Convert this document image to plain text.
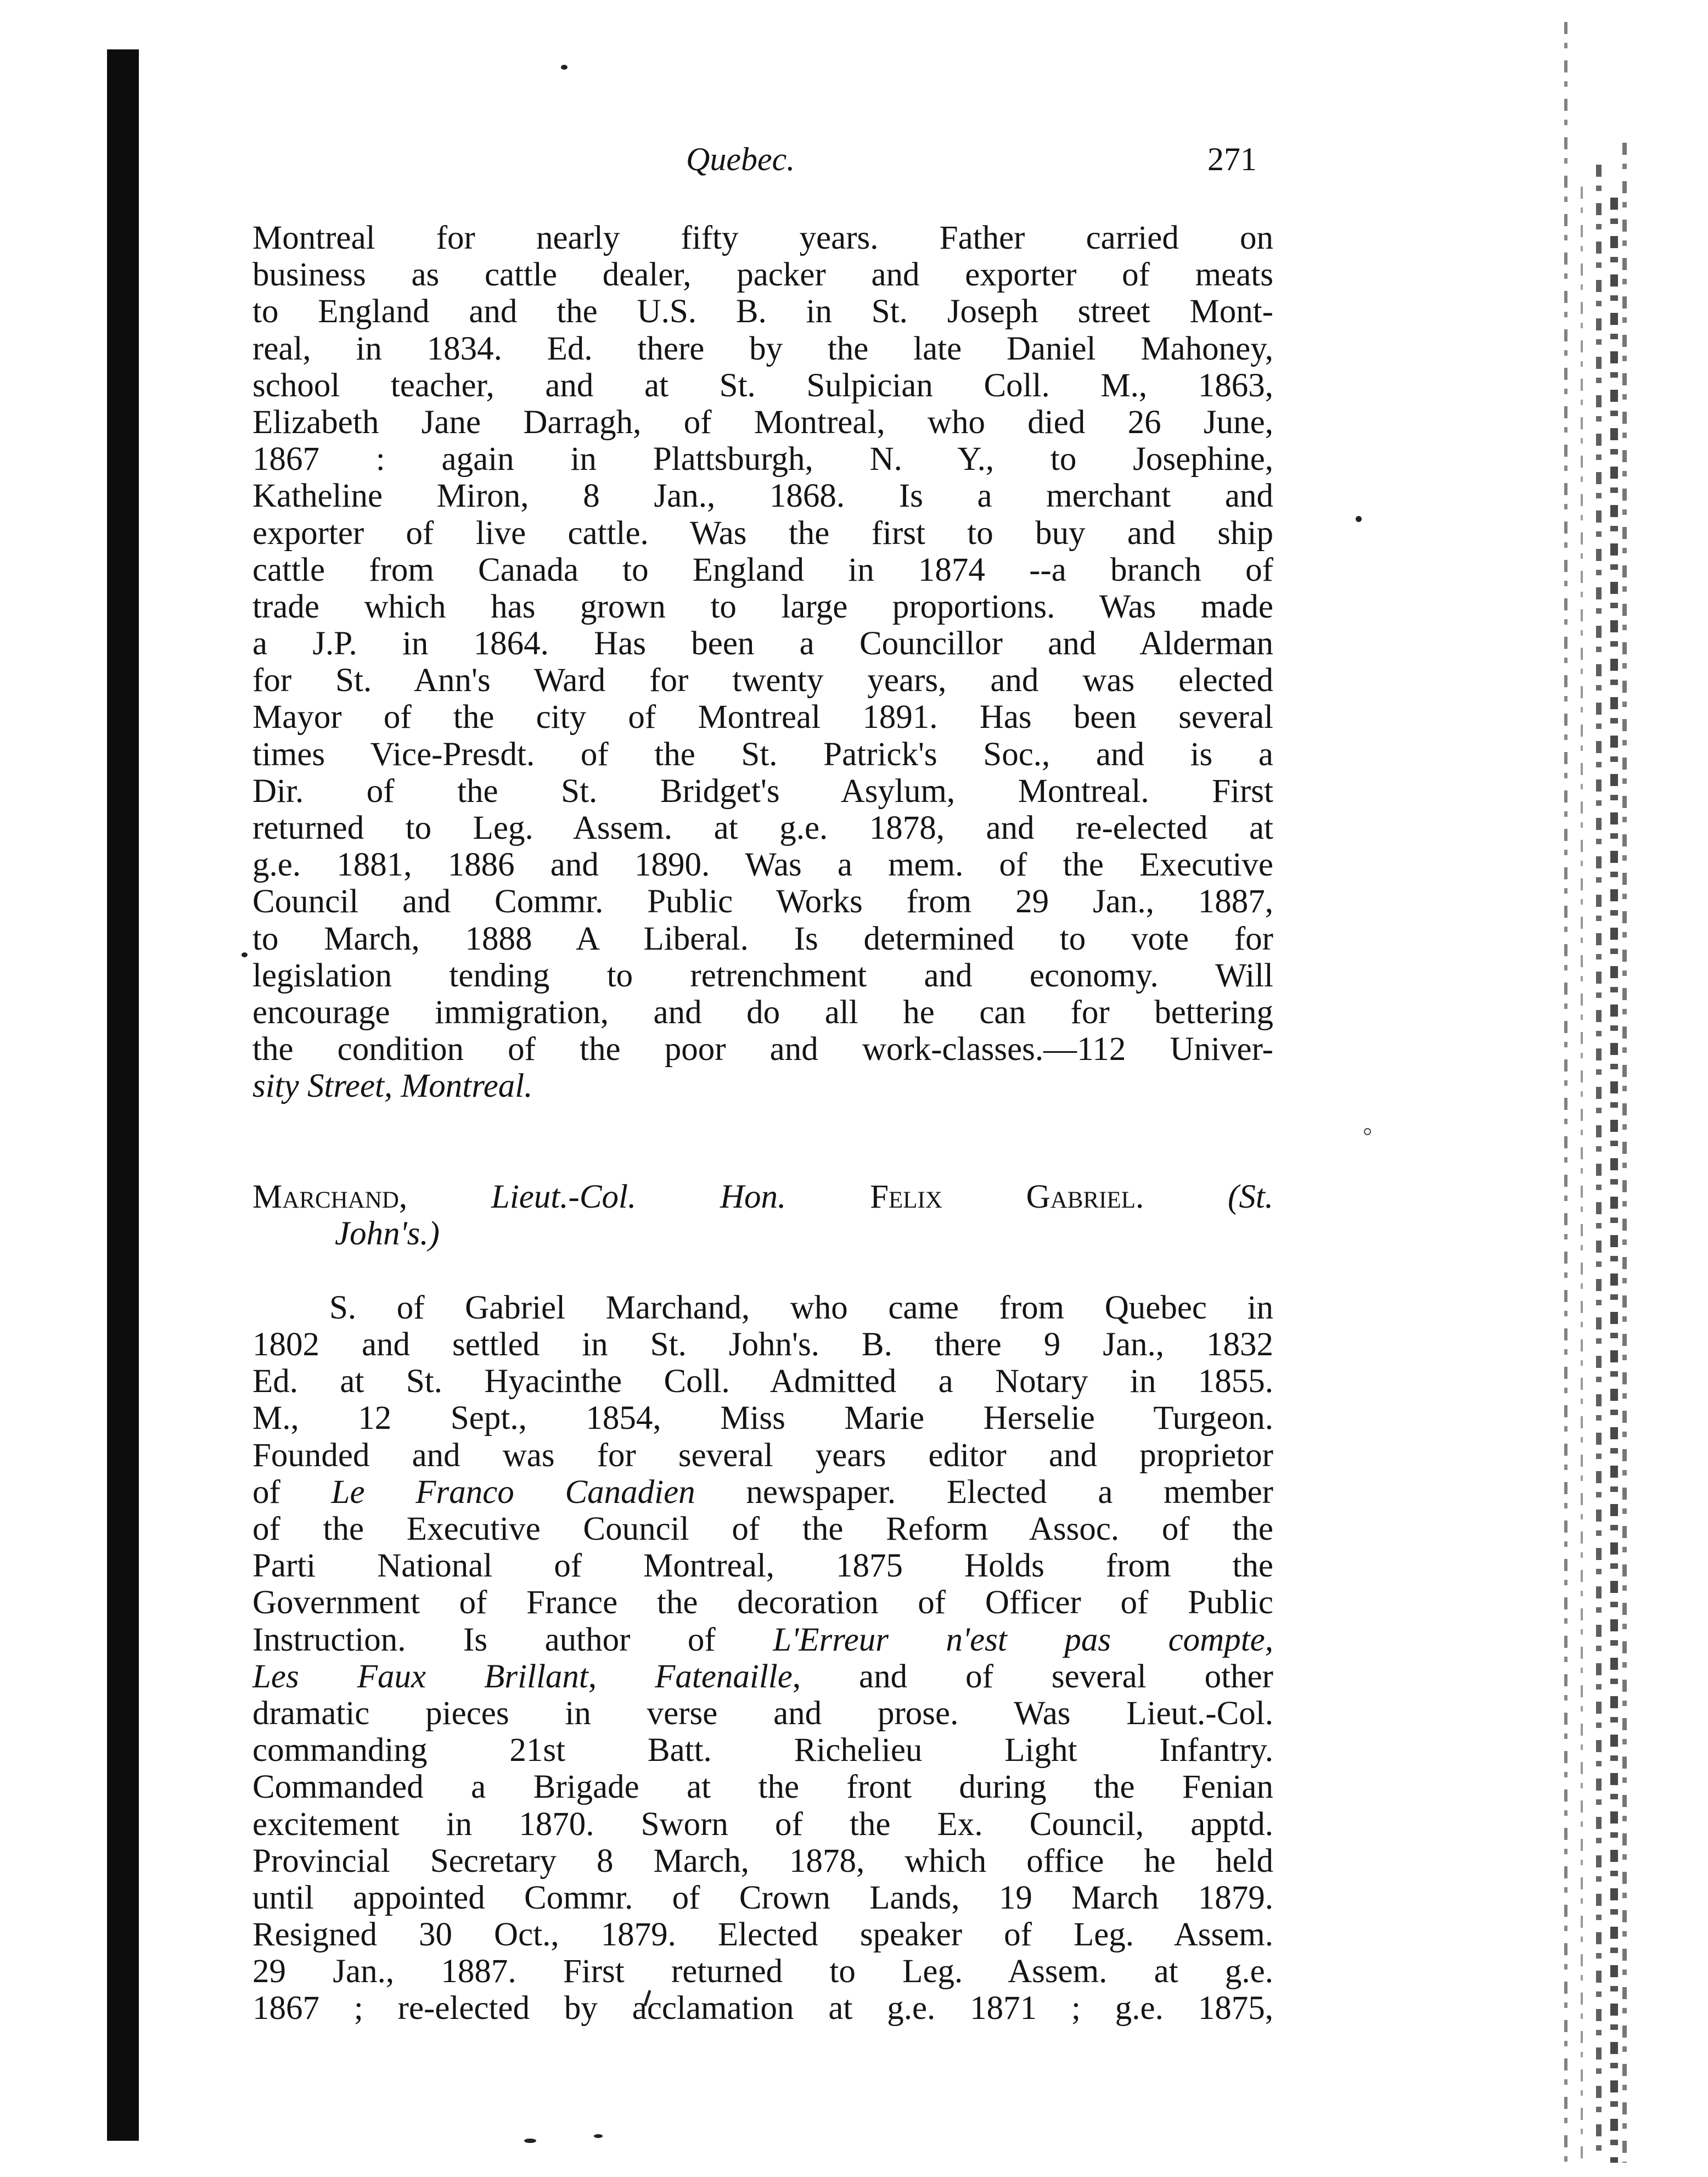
Quebec.	271
Montreal for nearly fifty years. Father carried on
business as cattle dealer, packer and exporter of meats
to England and the U.S. B. in St. Joseph street Mont-
real, in 1834. Ed. there by the late Daniel Mahoney,
school teacher, and at St. Sulpician Coll. M., 1863,
Elizabeth Jane Darragh, of Montreal, who died 26 June,
1867 : again in Plattsburgh, N. Y., to Josephine,
Katheline Miron, 8 Jan., 1868. Is a merchant and
exporter of live cattle. Was the first to buy and ship
cattle from Canada to England in 1874 --a branch of
trade which has grown to large proportions. Was made
a J.P. in 1864. Has been a Councillor and Alderman
for St. Ann's Ward for twenty years, and was elected
Mayor of the city of Montreal 1891. Has been several
times Vice-Presdt. of the St. Patrick's Soc., and is a
Dir. of the St. Bridget's Asylum, Montreal. First
returned to Leg. Assem. at g.e. 1878, and re-elected at
g.e. 1881, 1886 and 1890. Was a mem. of the Executive
Council and Commr. Public Works from 29 Jan., 1887,
to March, 1888 A Liberal. Is determined to vote for
legislation tending to retrenchment and economy. Will
encourage immigration, and do all he can for bettering
the condition of the poor and work-classes.—112 Univer-
sity Street, Montreal.
Marchand,	Lieut.-Col. Hon.	Felix Gabriel.	(St.
John's.)
S. of Gabriel Marchand, who came from Quebec in
1802 and settled in St. John's. B. there 9 Jan., 1832
Ed. at St. Hyacinthe Coll. Admitted a Notary in 1855.
M., 12 Sept., 1854, Miss Marie Herselie Turgeon.
Founded and was for several years editor and proprietor
of Le Franco Canadien newspaper. Elected a member
of the Executive Council of the Reform Assoc. of the
Parti National of Montreal, 1875 Holds from the
Government of France the decoration of Officer of Public
Instruction. Is author of L'Erreur n'est pas compte,
Les Faux Brillant, Fatenaille, and of several other
dramatic pieces in verse and prose. Was Lieut.-Col.
commanding 21st Batt. Richelieu Light Infantry.
Commanded a Brigade at the front during the Fenian
excitement in 1870. Sworn of the Ex. Council, apptd.
Provincial Secretary 8 March, 1878, which office he held
until appointed Commr. of Crown Lands, 19 March 1879.
Resigned 30 Oct., 1879. Elected speaker of Leg. Assem.
29 Jan., 1887. First returned to Leg. Assem. at g.e.
1867 ; re-elected by acclamation at g.e. 1871 ; g.e. 1875,
